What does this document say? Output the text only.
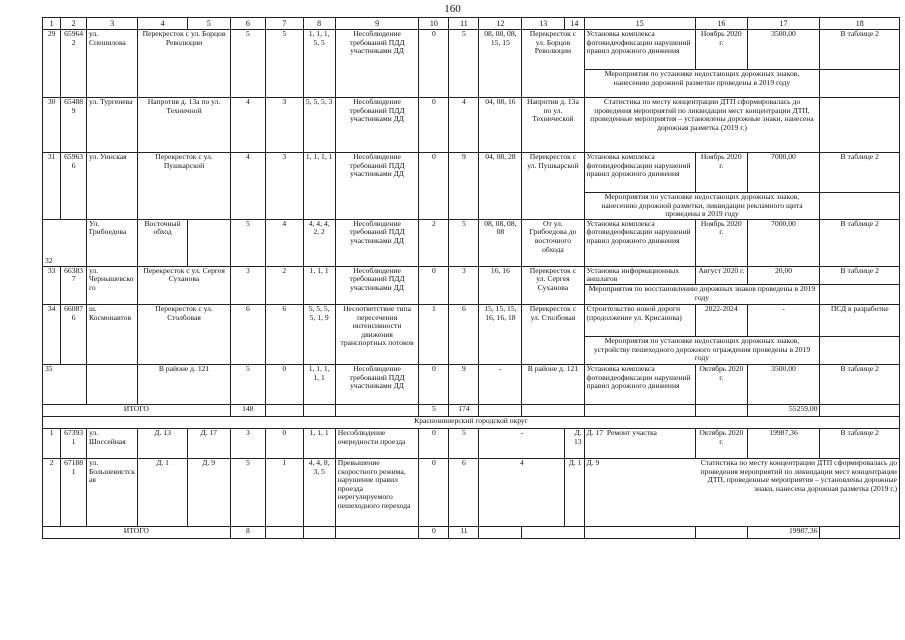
160
1	2	3	4	5	6	7	8	9	10	11	12	13	14	15	16	17	18
29	659642	ул. Спешилова	Перекресток с ул. Борцов Революции		5	5	1, 1, 1, 5, 5	Несоблюдение требований ПДД участниками ДД	0	5	08, 08, 08, 15, 15	Перекресток с ул. Борцов Революции		Установка комплекса фотовидеофиксации нарушений правил дорожного движения	Ноябрь 2020 г.	3500,00	В таблице 2
														Мероприятия по установке недостающих дорожных знаков, нанесению дорожной разметки проведены в 2019 году			
30	654889	ул. Тургенева	Напротив д. 13а по ул. Техничной		4	3	5, 5, 5, 3	Несоблюдение требований ПДД участниками ДД	0	4	04, 08, 16	Напротив д. 13а по ул. Техничеcкой		Статистика по месту концентрации ДТП сформировалась до проведения мероприятий по ликвидации мест концентрации ДТП, проведенные мероприятия – установлены дорожные знаки, нанесена дорожная разметка (2019 г.)			
31	659636	ул. Уинская	Перекресток с ул. Пушкарской		4	3	1, 1, 1, 1	Несоблюдение требований ПДД участниками ДД	0	9	04, 08, 28	Перекресток с ул. Пушкарской		Установка комплекса фотовидеофиксации нарушений правил дорожного движения	Ноябрь 2020 г.	7000,00	В таблице 2
														Мероприятия по установке недостающих дорожных знаков, нанесению дорожной разметки, ликвидации рекламного щита проведены в 2019 году			
32		Ул. Грибоедова	Восточный обход		5	4	4, 4, 4, 2, 2	Несоблюдение требований ПДД участниками ДД	2	5	08, 08, 08, 08	От ул. Грибоедова до восточного обхода		Установка комплекса фотовидеофиксации нарушений правил дорожного движения	Ноябрь 2020 г.	7000,00	В таблице 2
33	663837	ул. Чернышевского	Перекресток с ул. Сергея Суханова		3	2	1, 1, 1	Несоблюдение требований ПДД участниками ДД	0	3	16, 16	Перекресток с ул. Сергея Суханова		Установка информационных аншлагов	Август 2020 г.	20,00	В таблице 2
														Мероприятия по восстановлению дорожных знаков проведены в 2019 году			
34	660876	ш. Космонавтов	Перекресток с ул. Столбовая		6	6	5, 5, 5, 5, 1, 9	Несоответствие типа пересечения интенсивности движения транспортных потоков	1	6	15, 15, 15, 16, 16, 18	Перекресток с ул. Столбовая		Строительство новой дороги (продолжение ул. Крисанова)	2022-2024	-	ПСД в разработке
														Мероприятия по установке недостающих дорожных знаков, устройству пешеходного дорожного ограждения проведены в 2019 году			
35			В районе д. 121		5	0	1, 1, 1, 1, 1	Несоблюдение требований ПДД участниками ДД	0	9	-	В районе д. 121		Установка комплекса фотовидеофиксации нарушений правил дорожного движения	Октябрь 2020 г.	3500,00	В таблице 2
ИТОГО					148				5	174						55259,00	
Красновишерский городской округ																	
1	673931	ул. Шоссейная	Д. 13	Д. 17	3	0	1, 1, 1	Несоблюдение очередности проезда	0	5	-		Д. 13	Д. 17 Ремонт участка	Октябрь 2020 г.	19987,36	В таблице 2
2	671881	ул. Большевистская	Д. 1	Д. 9	5	1	4, 4, 8, 3, 5	Превышение скоростного режима, нарушение правил проезда нерегулируемого пешеходного перехода	0	6	4		Д. 1	Д. 9	Статистика по месту концентрации ДТП сформировалась до проведения мероприятий по ликвидации мест концентрации ДТП, проведенные мероприятия – установлены дорожные знаки, нанесена дорожная разметка (2019 г.)		
ИТОГО					8				0	11						19987,36	
